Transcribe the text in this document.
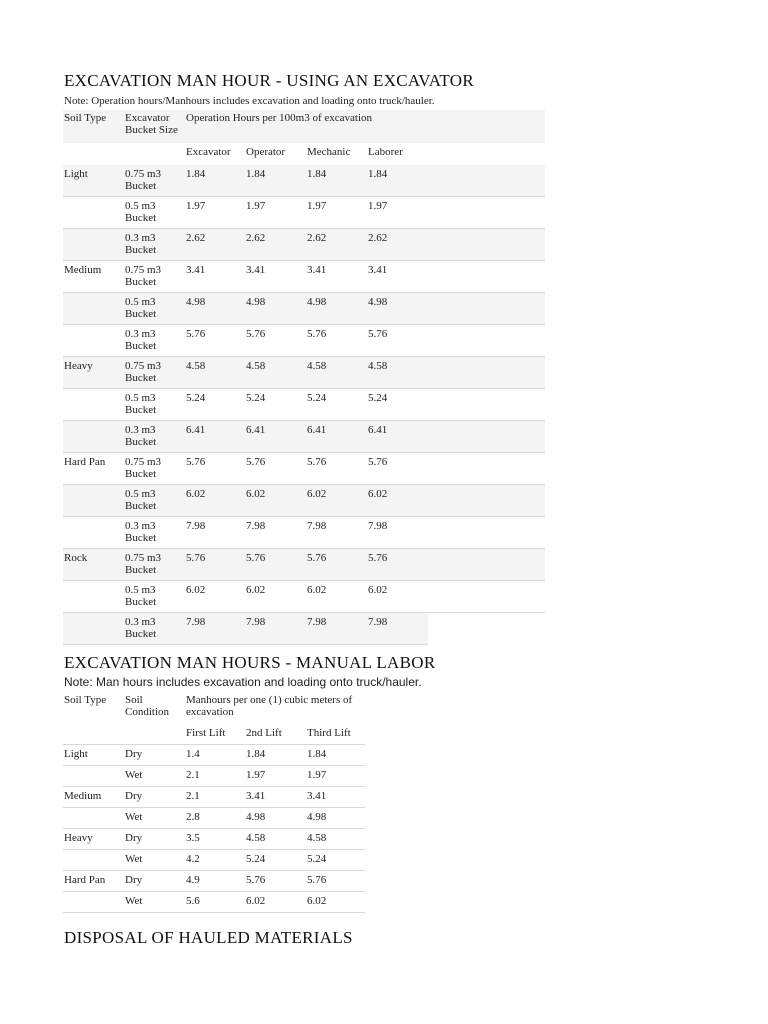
EXCAVATION MAN HOUR - USING AN EXCAVATOR

Note: Operation hours/Manhours includes excavation and loading onto truck/hauler.

Soil Type	Excavator Bucket Size	Operation Hours per 100m3 of excavation				
		Excavator	Operator	Mechanic	Laborer	
Light	0.75 m3 Bucket	1.84	1.84	1.84	1.84	
	0.5 m3 Bucket	1.97	1.97	1.97	1.97	
	0.3 m3 Bucket	2.62	2.62	2.62	2.62	
Medium	0.75 m3 Bucket	3.41	3.41	3.41	3.41	
	0.5 m3 Bucket	4.98	4.98	4.98	4.98	
	0.3 m3 Bucket	5.76	5.76	5.76	5.76	
Heavy	0.75 m3 Bucket	4.58	4.58	4.58	4.58	
	0.5 m3 Bucket	5.24	5.24	5.24	5.24	
	0.3 m3 Bucket	6.41	6.41	6.41	6.41	
Hard Pan	0.75 m3 Bucket	5.76	5.76	5.76	5.76	
	0.5 m3 Bucket	6.02	6.02	6.02	6.02	
	0.3 m3 Bucket	7.98	7.98	7.98	7.98	
Rock	0.75 m3 Bucket	5.76	5.76	5.76	5.76	
	0.5 m3 Bucket	6.02	6.02	6.02	6.02	
	0.3 m3 Bucket	7.98	7.98	7.98	7.98	
EXCAVATION MAN HOURS - MANUAL LABOR

Note: Man hours includes excavation and loading onto truck/hauler.

Soil Type	Soil Condition	Manhours per one (1) cubic meters of excavation		
		First Lift	2nd Lift	Third Lift
Light	Dry	1.4	1.84	1.84
	Wet	2.1	1.97	1.97
Medium	Dry	2.1	3.41	3.41
	Wet	2.8	4.98	4.98
Heavy	Dry	3.5	4.58	4.58
	Wet	4.2	5.24	5.24
Hard Pan	Dry	4.9	5.76	5.76
	Wet	5.6	6.02	6.02
DISPOSAL OF HAULED MATERIALS
